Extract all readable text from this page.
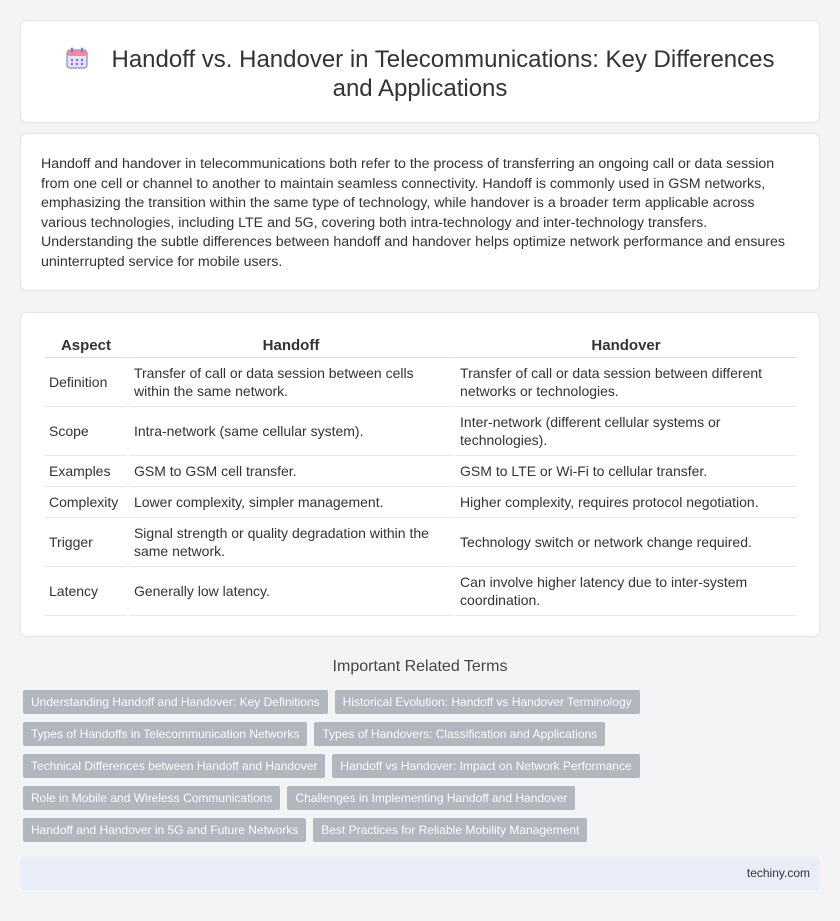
Handoff vs. Handover in Telecommunications: Key Differences and Applications

Handoff and handover in telecommunications both refer to the process of transferring an ongoing call or data session from one cell or channel to another to maintain seamless connectivity. Handoff is commonly used in GSM networks, emphasizing the transition within the same type of technology, while handover is a broader term applicable across various technologies, including LTE and 5G, covering both intra-technology and inter-technology transfers. Understanding the subtle differences between handoff and handover helps optimize network performance and ensures uninterrupted service for mobile users.

Aspect	Handoff	Handover
Definition	Transfer of call or data session between cells within the same network.	Transfer of call or data session between different networks or technologies.
Scope	Intra-network (same cellular system).	Inter-network (different cellular systems or technologies).
Examples	GSM to GSM cell transfer.	GSM to LTE or Wi-Fi to cellular transfer.
Complexity	Lower complexity, simpler management.	Higher complexity, requires protocol negotiation.
Trigger	Signal strength or quality degradation within the same network.	Technology switch or network change required.
Latency	Generally low latency.	Can involve higher latency due to inter-system coordination.
Important Related Terms
Understanding Handoff and Handover: Key Definitions	Historical Evolution: Handoff vs Handover Terminology
Types of Handoffs in Telecommunication Networks	Types of Handovers: Classification and Applications
Technical Differences between Handoff and Handover	Handoff vs Handover: Impact on Network Performance
Role in Mobile and Wireless Communications	Challenges in Implementing Handoff and Handover
Handoff and Handover in 5G and Future Networks	Best Practices for Reliable Mobility Management
techiny.com
